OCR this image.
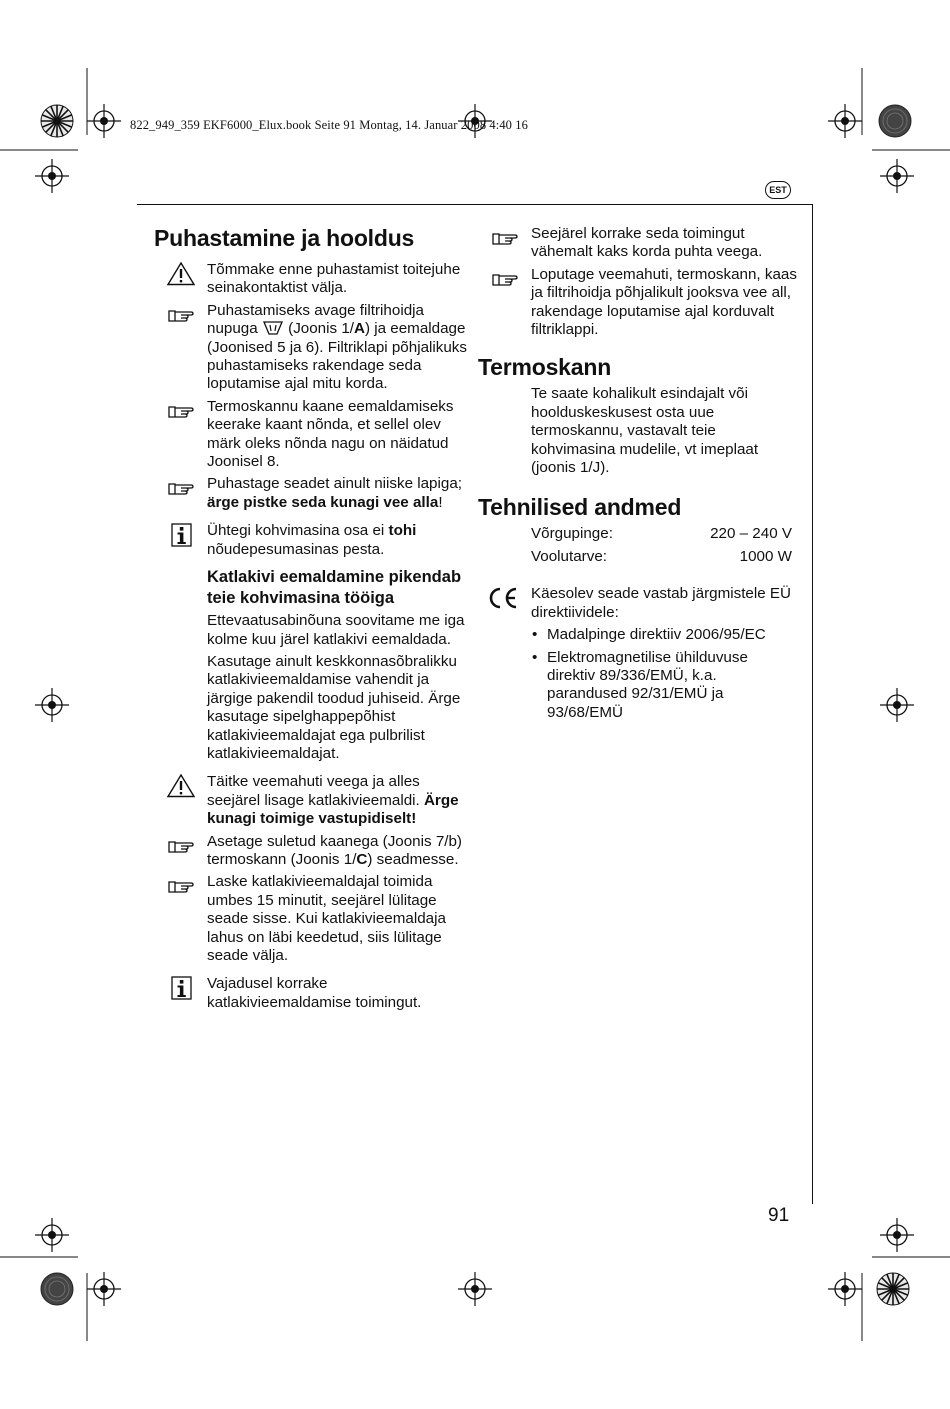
822_949_359 EKF6000_Elux.book Seite 91 Montag, 14. Januar 2008 4:40 16
EST
Puhastamine ja hooldus

Tõmmake enne puhastamist toitejuhe seinakontaktist välja.

Puhastamiseks avage filtrihoidja nupuga  (Joonis 1/A) ja eemaldage (Joonised 5 ja 6). Filtriklapi põhjalikuks puhastamiseks rakendage seda loputamise ajal mitu korda.

Termoskannu kaane eemaldamiseks keerake kaant nõnda, et sellel olev märk oleks nõnda nagu on näidatud Joonisel 8.

Puhastage seadet ainult niiske lapiga; ärge pistke seda kunagi vee alla!

Ühtegi kohvimasina osa ei tohi nõudepesumasinas pesta.

Katlakivi eemaldamine pikendab teie kohvimasina tööiga

Ettevaatusabinõuna soovitame me iga kolme kuu järel katlakivi eemaldada.

Kasutage ainult keskkonnasõbralikku katlakivieemaldamise vahendit ja järgige pakendil toodud juhiseid. Ärge kasutage sipelghappepõhist katlakivieemaldajat ega pulbrilist katlakivieemaldajat.

Täitke veemahuti veega ja alles seejärel lisage katlakivieemaldi. Ärge kunagi toimige vastupidiselt!

Asetage suletud kaanega (Joonis 7/b) termoskann (Joonis 1/C) seadmesse.

Laske katlakivieemaldajal toimida umbes 15 minutit, seejärel lülitage seade sisse. Kui katlakivieemaldaja lahus on läbi keedetud, siis lülitage seade välja.

Vajadusel korrake katlakivieemaldamise toimingut.

Seejärel korrake seda toimingut vähemalt kaks korda puhta veega.

Loputage veemahuti, termoskann, kaas ja filtrihoidja põhjalikult jooksva vee all, rakendage loputamise ajal korduvalt filtriklappi.

Termoskann

Te saate kohalikult esindajalt või hoolduskeskusest osta uue termoskannu, vastavalt teie kohvimasina mudelile, vt imeplaat (joonis 1/J).

Tehnilised andmed
Võrgupinge:	220 – 240 V
Voolutarve:	1000 W

Käesolev seade vastab järgmistele EÜ direktiividele:

• Madalpinge direktiiv 2006/95/EC
• Elektromagnetilise ühilduvuse direktiv 89/336/EMÜ, k.a. parandused 92/31/EMÜ ja 93/68/EMÜ
91
